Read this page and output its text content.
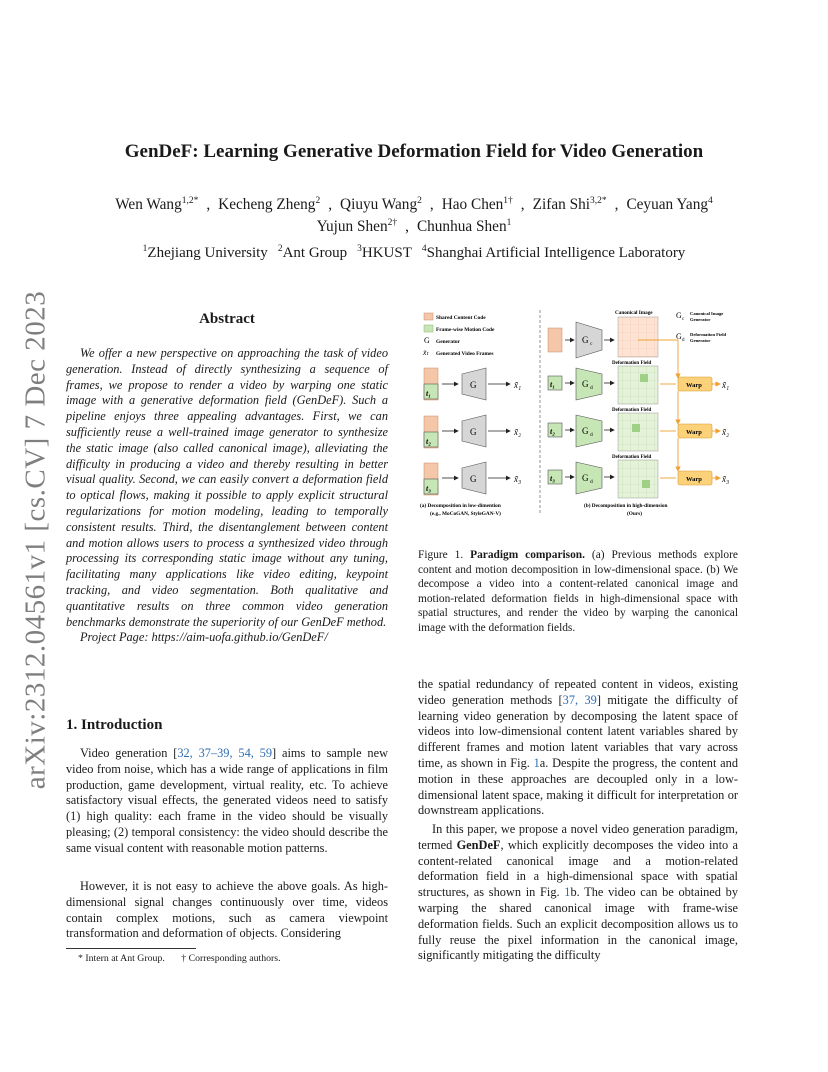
arXiv:2312.04561v1 [cs.CV] 7 Dec 2023
GenDeF: Learning Generative Deformation Field for Video Generation
Wen Wang$^{1,2*}$ , Kecheng Zheng$^2$ , Qiuyu Wang$^2$ , Hao Chen$^{1\dagger}$ , Zifan Shi$^{3,2*}$ , Ceyuan Yang$^4$
Yujun Shen$^{2\dagger}$ , Chunhua Shen$^1$
$^1$Zhejiang University $^2$Ant Group $^3$HKUST $^4$Shanghai Artificial Intelligence Laboratory
Abstract
We offer a new perspective on approaching the task of video generation. Instead of directly synthesizing a sequence of frames, we propose to render a video by warping one static image with a generative deformation field (GenDeF). Such a pipeline enjoys three appealing advantages. First, we can sufficiently reuse a well-trained image generator to synthesize the static image (also called canonical image), alleviating the difficulty in producing a video and thereby resulting in better visual quality. Second, we can easily convert a deformation field to optical flows, making it possible to apply explicit structural regularizations for motion modeling, leading to temporally consistent results. Third, the disentanglement between content and motion allows users to process a synthesized video through processing its corresponding static image without any tuning, facilitating many applications like video editing, keypoint tracking, and video segmentation. Both qualitative and quantitative results on three common video generation benchmarks demonstrate the superiority of our GenDeF method.
Project Page: https://aim-uofa.github.io/GenDeF/
1. Introduction
Video generation [32, 37–39, 54, 59] aims to sample new video from noise, which has a wide range of applications in film production, game development, virtual reality, etc. To achieve satisfactory visual effects, the generated videos need to satisfy (1) high quality: each frame in the video should be visually pleasing; (2) temporal consistency: the video should describe the same visual content with reasonable motion patterns.
However, it is not easy to achieve the above goals. As high-dimensional signal changes continuously over time, videos contain complex motions, such as camera viewpoint transformation and deformation of objects. Considering
* Intern at Ant Group. † Corresponding authors.
Shared Content Code
Frame-wise Motion Code
G Generator
x̃ₜ Generated Video Frames
t₁
G	x̃₁
t₂
G	x̃₂
t₃
G	x̃₃
(a) Decomposition in low-dimention
(e.g., MoCoGAN, StyleGAN-V)
G c
Canonical Image	G c
Canonical Image
Generator
G d
Deformation Field
Generator
t₁	G d
Deformation Field
Warp x̃₁
t₂	G d
Deformation Field
Warp x̃₂
t₃	G d
Deformation Field
Warp x̃₃
(b) Decomposition in high-dimension
(Ours)
Figure 1. Paradigm comparison. (a) Previous methods explore content and motion decomposition in low-dimensional space. (b) We decompose a video into a content-related canonical image and motion-related deformation fields in high-dimensional space with spatial structures, and render the video by warping the canonical image with the deformation fields.
the spatial redundancy of repeated content in videos, existing video generation methods [37, 39] mitigate the difficulty of learning video generation by decomposing the latent space of videos into low-dimensional content latent variables shared by different frames and motion latent variables that vary across time, as shown in Fig. 1a. Despite the progress, the content and motion in these approaches are decoupled only in a low-dimensional latent space, making it difficult for interpretation or downstream applications.
In this paper, we propose a novel video generation paradigm, termed GenDeF, which explicitly decomposes the video into a content-related canonical image and a motion-related deformation field in a high-dimensional space with spatial structures, as shown in Fig. 1b. The video can be obtained by warping the shared canonical image with frame-wise deformation fields. Such an explicit decomposition allows us to fully reuse the pixel information in the canonical image, significantly mitigating the difficulty
